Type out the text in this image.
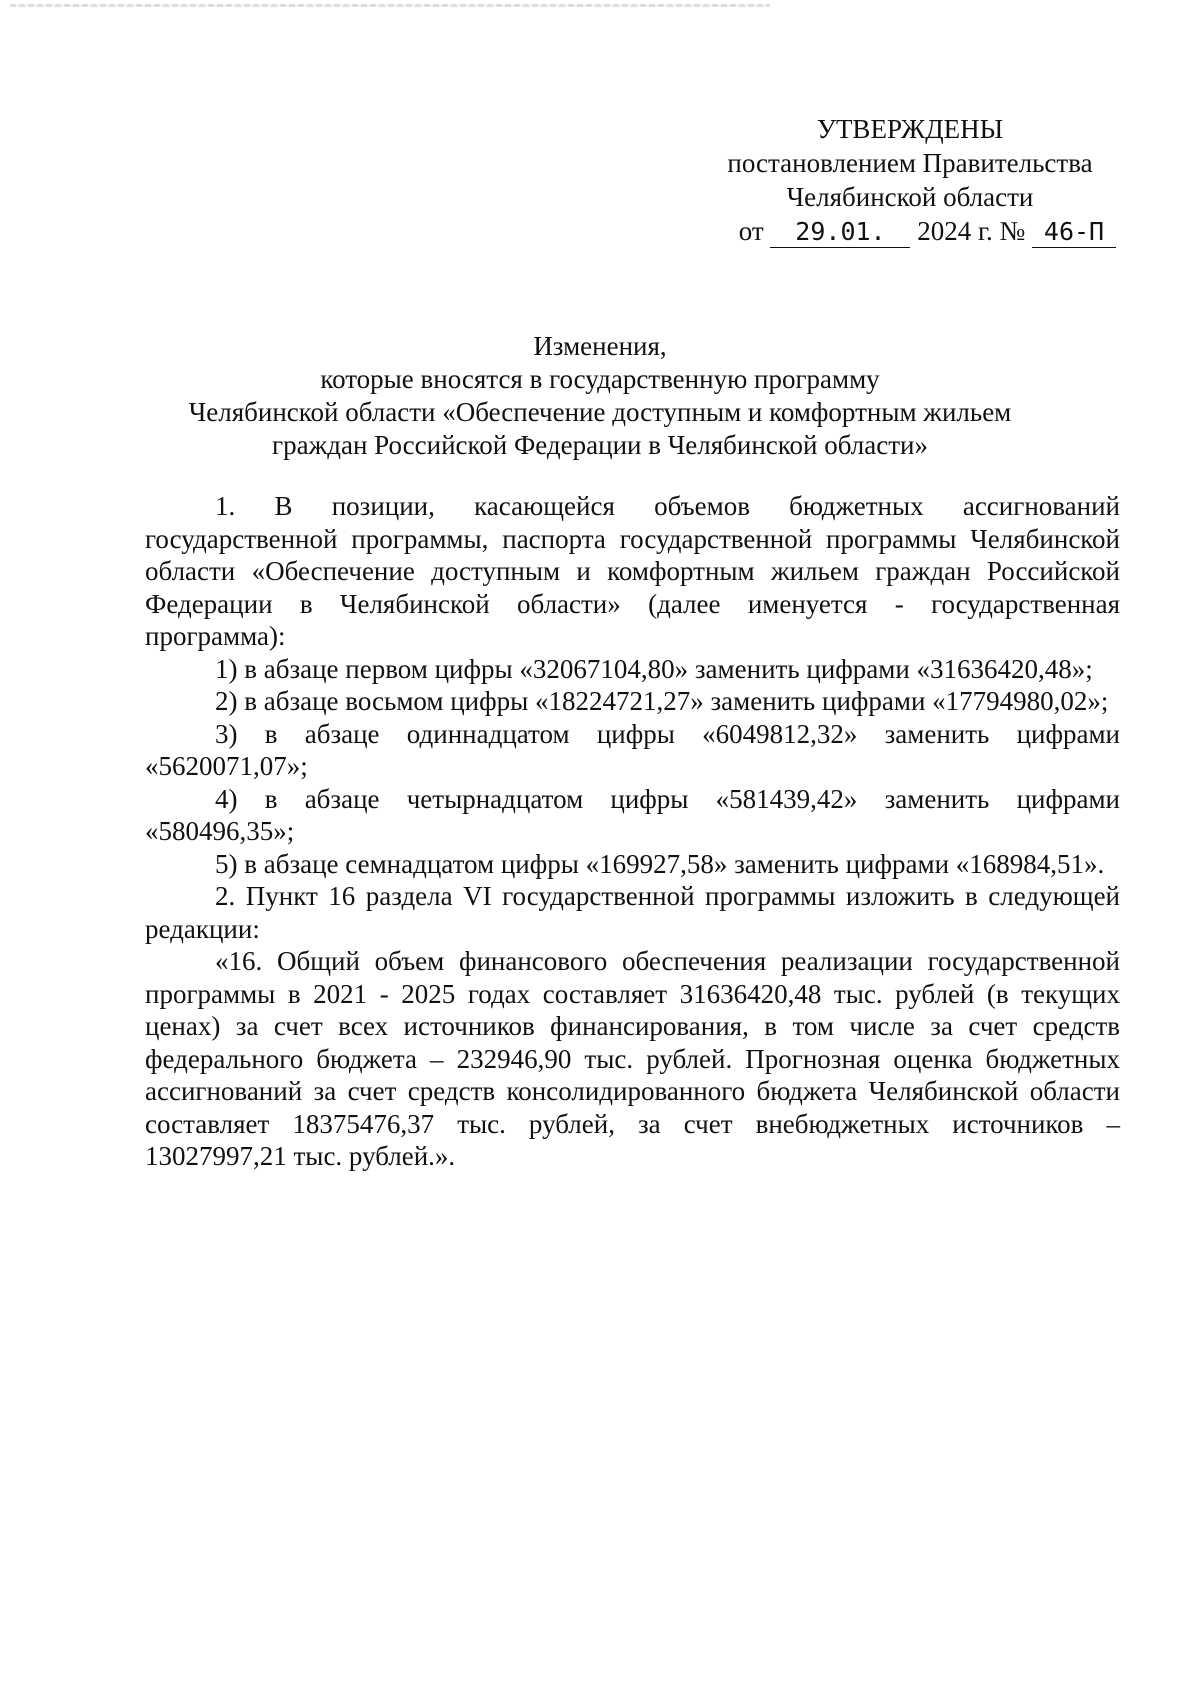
УТВЕРЖДЕНЫ
постановлением Правительства
Челябинской области
от 29.01. 2024 г. № 46-П
Изменения,
которые вносятся в государственную программу
Челябинской области «Обеспечение доступным и комфортным жильем
граждан Российской Федерации в Челябинской области»

1. В позиции, касающейся объемов бюджетных ассигнований государственной программы, паспорта государственной программы Челябинской области «Обеспечение доступным и комфортным жильем граждан Российской Федерации в Челябинской области» (далее именуется - государственная программа):

1) в абзаце первом цифры «32067104,80» заменить цифрами «31636420,48»;

2) в абзаце восьмом цифры «18224721,27» заменить цифрами «17794980,02»;

3) в абзаце одиннадцатом цифры «6049812,32» заменить цифрами «5620071,07»;

4) в абзаце четырнадцатом цифры «581439,42» заменить цифрами «580496,35»;

5) в абзаце семнадцатом цифры «169927,58» заменить цифрами «168984,51».

2. Пункт 16 раздела VI государственной программы изложить в следующей редакции:

«16. Общий объем финансового обеспечения реализации государственной программы в 2021 - 2025 годах составляет 31636420,48 тыс. рублей (в текущих ценах) за счет всех источников финансирования, в том числе за счет средств федерального бюджета – 232946,90 тыс. рублей. Прогнозная оценка бюджетных ассигнований за счет средств консолидированного бюджета Челябинской области составляет 18375476,37 тыс. рублей, за счет внебюджетных источников – 13027997,21 тыс. рублей.».
